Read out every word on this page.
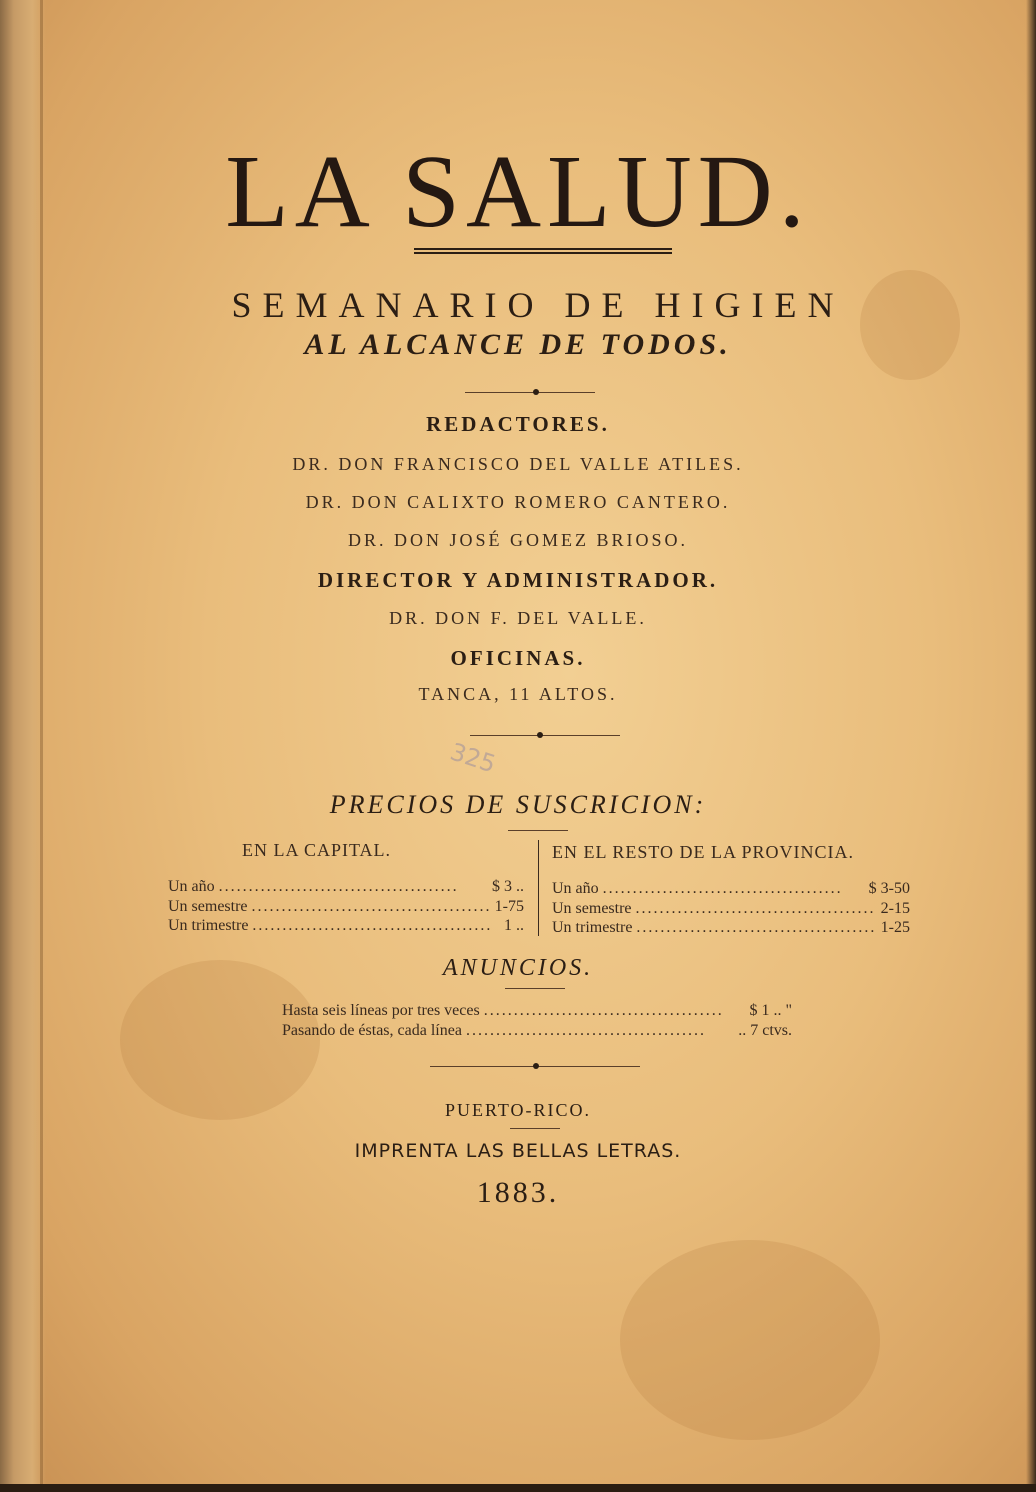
LA SALUD.
SEMANARIO DE HIGIEN
AL ALCANCE DE TODOS.
REDACTORES.
DR. DON FRANCISCO DEL VALLE ATILES.
DR. DON CALIXTO ROMERO CANTERO.
DR. DON JOSÉ GOMEZ BRIOSO.
DIRECTOR Y ADMINISTRADOR.
DR. DON F. DEL VALLE.
OFICINAS.
TANCA, 11 ALTOS.
325
PRECIOS DE SUSCRICION:
EN LA CAPITAL.	EN EL RESTO DE LA PROVINCIA.
Un año ........................................	$ 3 ..
Un semestre ........................................ 1-75
Un trimestre ........................................ 1 ..
Un año ........................................	$ 3-50
Un semestre ........................................ 2-15
Un trimestre ........................................ 1-25
ANUNCIOS.
Hasta seis líneas por tres veces ........................................	$ 1 .. "
Pasando de éstas, cada línea ........................................	.. 7 ctvs.
PUERTO-RICO.
IMPRENTA LAS BELLAS LETRAS.
1883.
